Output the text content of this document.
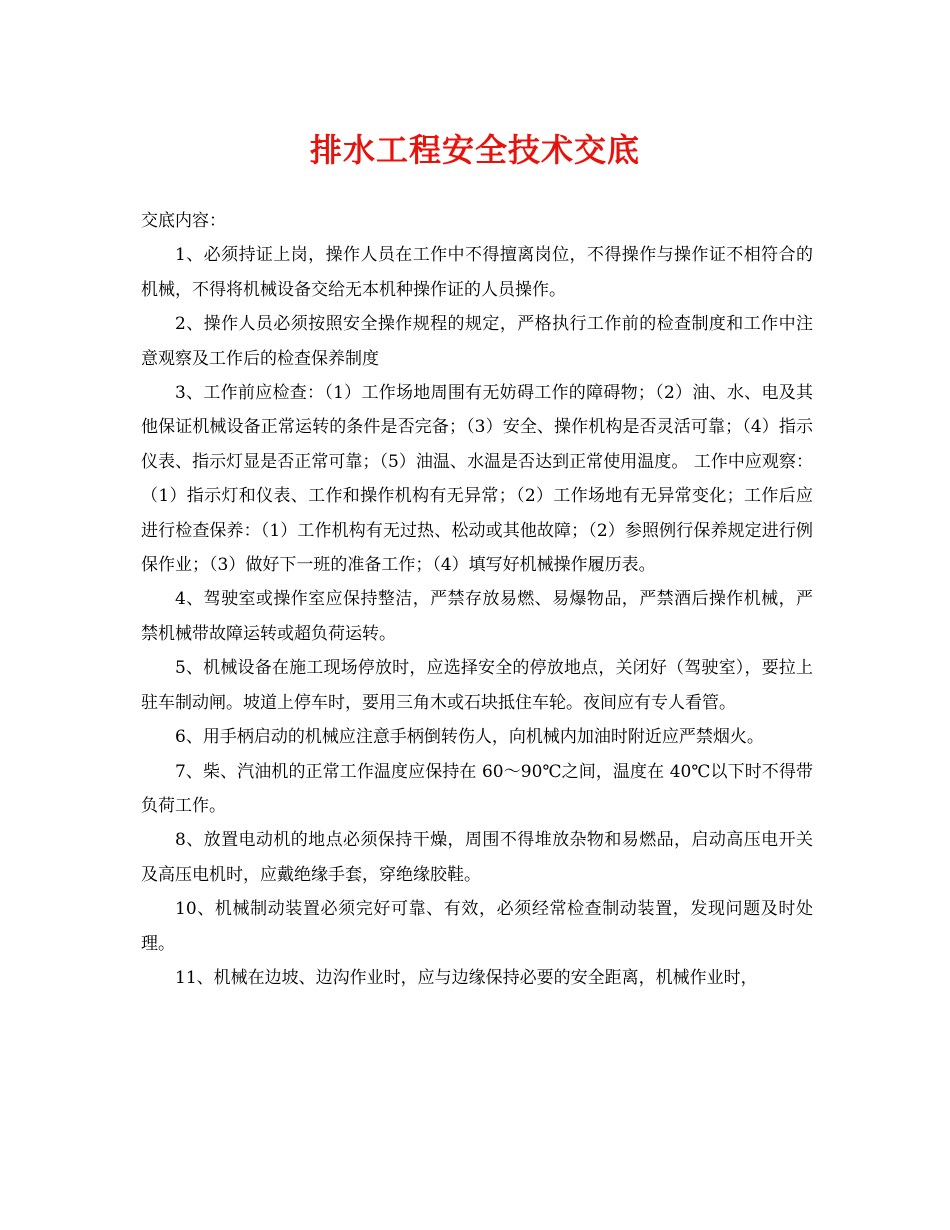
排水工程安全技术交底

交底内容：

1、必须持证上岗，操作人员在工作中不得擅离岗位，不得操作与操作证不相符合的机械，不得将机械设备交给无本机种操作证的人员操作。

2、操作人员必须按照安全操作规程的规定，严格执行工作前的检查制度和工作中注意观察及工作后的检查保养制度

3、工作前应检查：（1）工作场地周围有无妨碍工作的障碍物；（2）油、水、电及其他保证机械设备正常运转的条件是否完备；（3）安全、操作机构是否灵活可靠；（4）指示仪表、指示灯显是否正常可靠；（5）油温、水温是否达到正常使用温度。 工作中应观察：（1）指示灯和仪表、工作和操作机构有无异常；（2）工作场地有无异常变化；工作后应进行检查保养：（1）工作机构有无过热、松动或其他故障；（2）参照例行保养规定进行例保作业；（3）做好下一班的准备工作；（4）填写好机械操作履历表。

4、驾驶室或操作室应保持整洁，严禁存放易燃、易爆物品，严禁酒后操作机械，严禁机械带故障运转或超负荷运转。

5、机械设备在施工现场停放时，应选择安全的停放地点，关闭好（驾驶室），要拉上驻车制动闸。坡道上停车时，要用三角木或石块抵住车轮。夜间应有专人看管。

6、用手柄启动的机械应注意手柄倒转伤人，向机械内加油时附近应严禁烟火。

7、柴、汽油机的正常工作温度应保持在 60～90℃之间，温度在 40℃以下时不得带负荷工作。

8、放置电动机的地点必须保持干燥，周围不得堆放杂物和易燃品，启动高压电开关及高压电机时，应戴绝缘手套，穿绝缘胶鞋。

10、机械制动装置必须完好可靠、有效，必须经常检查制动装置，发现问题及时处理。

11、机械在边坡、边沟作业时，应与边缘保持必要的安全距离，机械作业时，
